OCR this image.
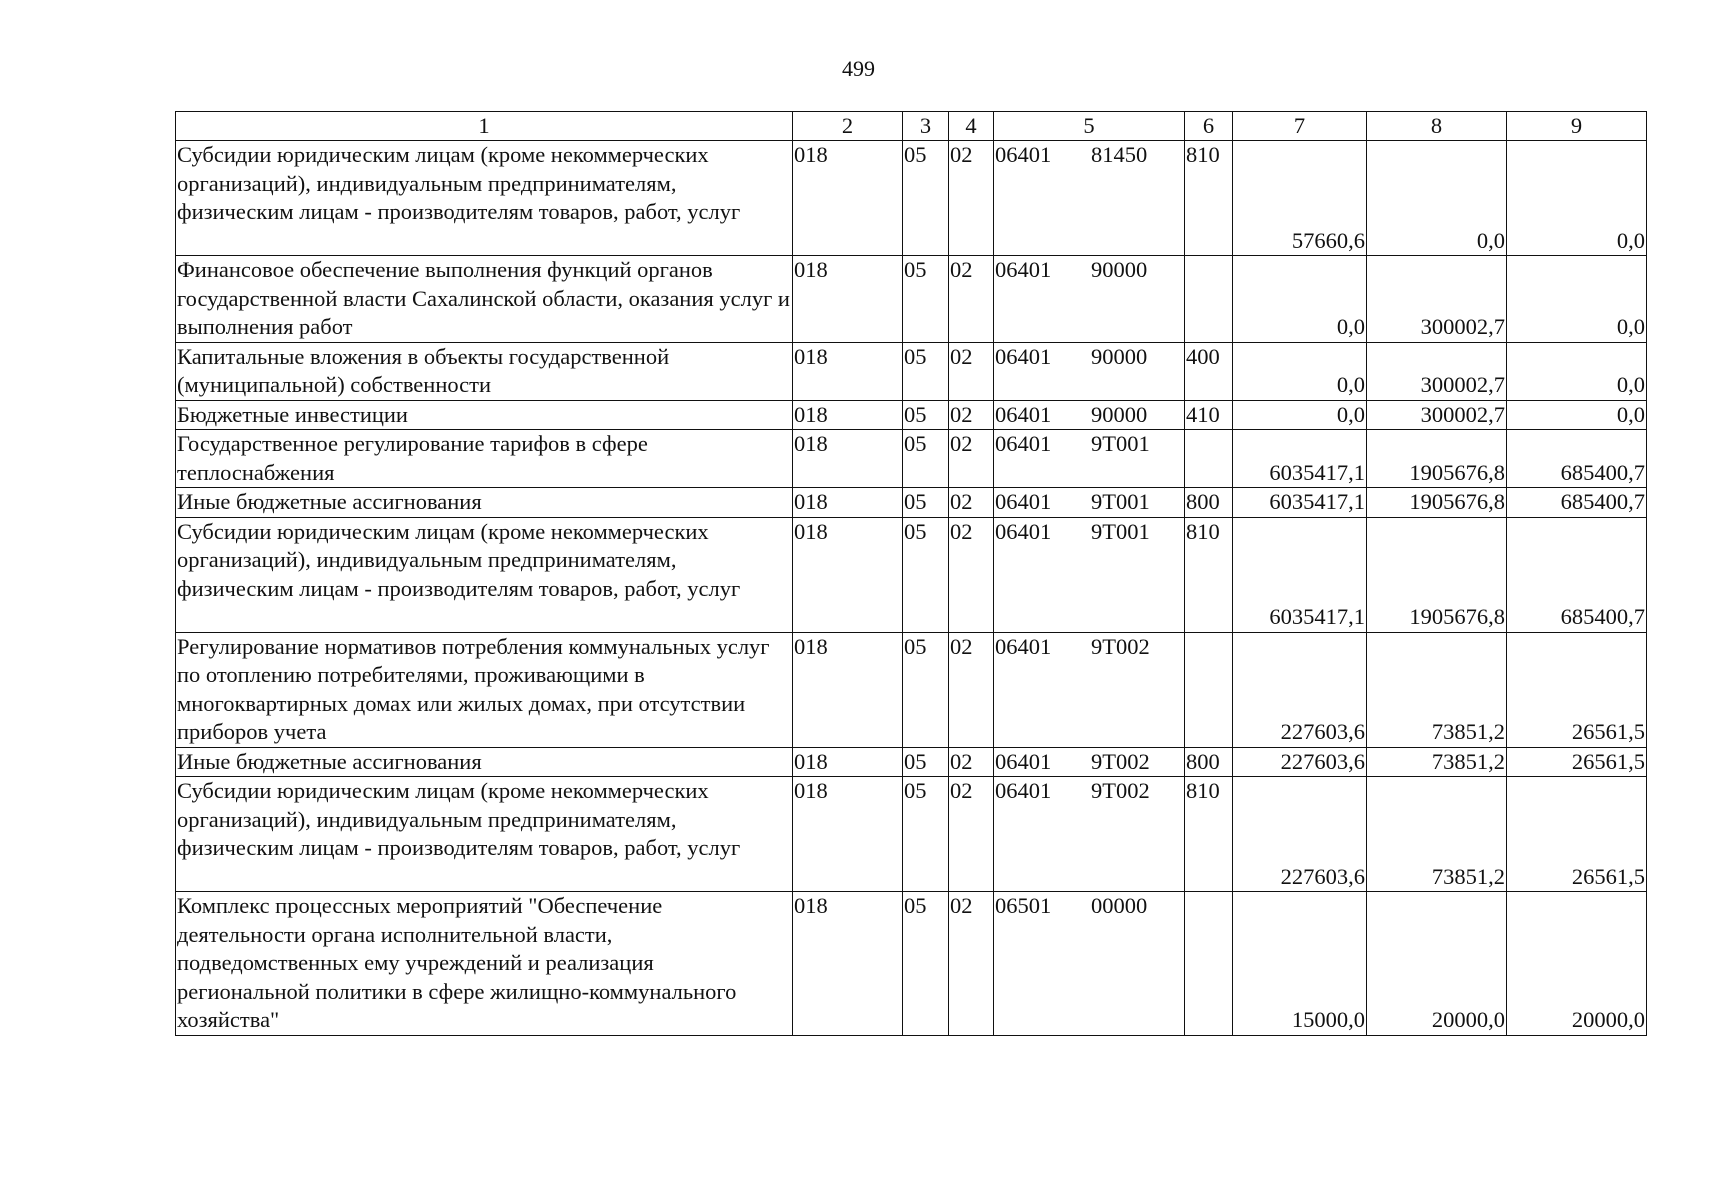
499
1	2	3	4	5	6	7	8	9
Субсидии юридическим лицам (кроме некоммерческих организаций), индивидуальным предпринимателям, физическим лицам - производителям товаров, работ, услуг	018	05	02	06401 81450	810	57660,6	0,0	0,0
Финансовое обеспечение выполнения функций органов государственной власти Сахалинской области, оказания услуг и выполнения работ	018	05	02	06401 90000		0,0	300002,7	0,0
Капитальные вложения в объекты государственной (муниципальной) собственности	018	05	02	06401 90000	400	0,0	300002,7	0,0
Бюджетные инвестиции	018	05	02	06401 90000	410	0,0	300002,7	0,0
Государственное регулирование тарифов в сфере теплоснабжения	018	05	02	06401 9Т001		6035417,1	1905676,8	685400,7
Иные бюджетные ассигнования	018	05	02	06401 9Т001	800	6035417,1	1905676,8	685400,7
Субсидии юридическим лицам (кроме некоммерческих организаций), индивидуальным предпринимателям, физическим лицам - производителям товаров, работ, услуг	018	05	02	06401 9Т001	810	6035417,1	1905676,8	685400,7
Регулирование нормативов потребления коммунальных услуг по отоплению потребителями, проживающими в многоквартирных домах или жилых домах, при отсутствии приборов учета	018	05	02	06401 9Т002		227603,6	73851,2	26561,5
Иные бюджетные ассигнования	018	05	02	06401 9Т002	800	227603,6	73851,2	26561,5
Субсидии юридическим лицам (кроме некоммерческих организаций), индивидуальным предпринимателям, физическим лицам - производителям товаров, работ, услуг	018	05	02	06401 9Т002	810	227603,6	73851,2	26561,5
Комплекс процессных мероприятий "Обеспечение деятельности органа исполнительной власти, подведомственных ему учреждений и реализация региональной политики в сфере жилищно-коммунального хозяйства"	018	05	02	06501 00000		15000,0	20000,0	20000,0
